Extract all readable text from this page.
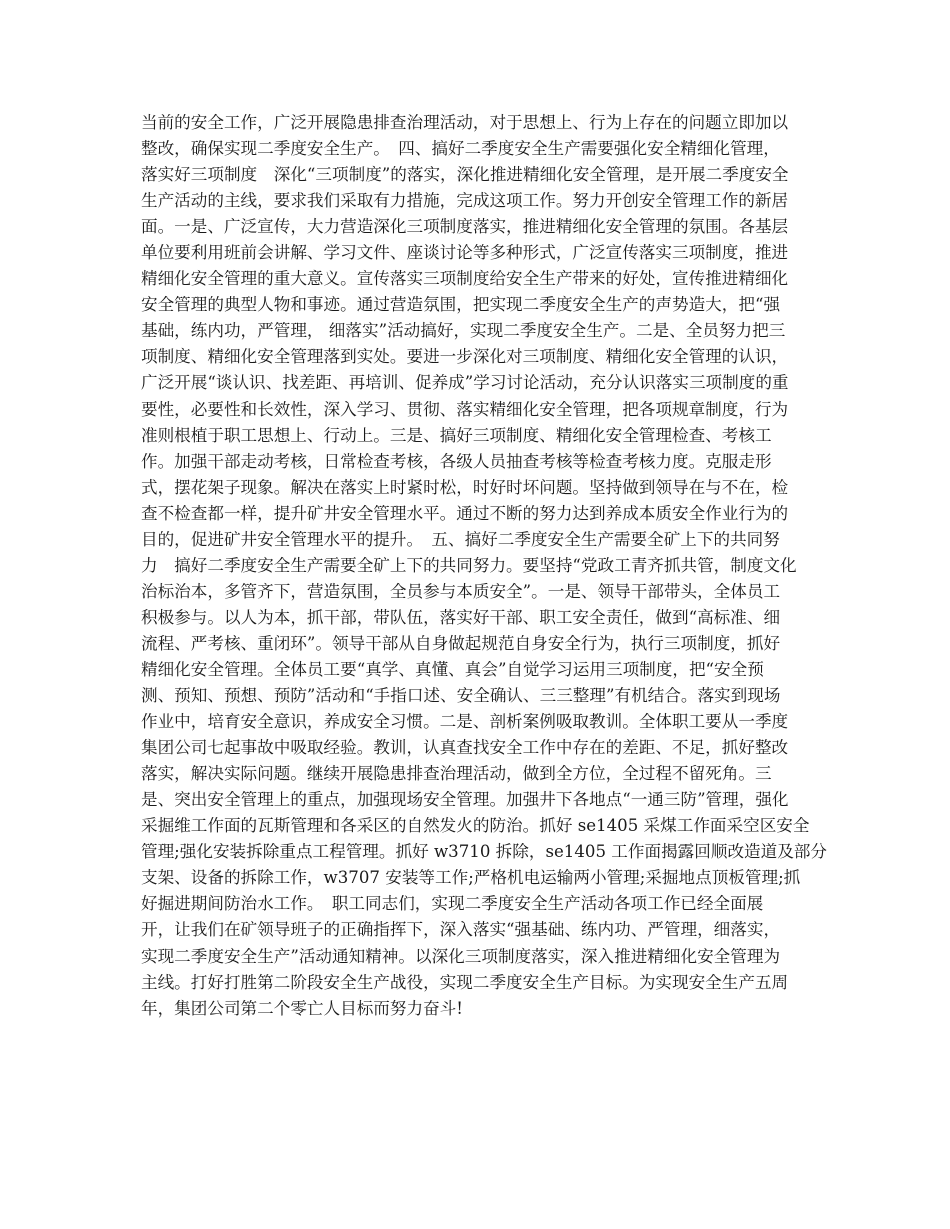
当前的安全工作，广泛开展隐患排查治理活动，对于思想上、行为上存在的问题立即加以
整改，确保实现二季度安全生产。　四、搞好二季度安全生产需要强化安全精细化管理，
落实好三项制度　深化“三项制度”的落实，深化推进精细化安全管理，是开展二季度安全
生产活动的主线，要求我们采取有力措施，完成这项工作。努力开创安全管理工作的新居
面。一是、广泛宣传，大力营造深化三项制度落实，推进精细化安全管理的氛围。各基层
单位要利用班前会讲解、学习文件、座谈讨论等多种形式，广泛宣传落实三项制度，推进
精细化安全管理的重大意义。宣传落实三项制度给安全生产带来的好处，宣传推进精细化
安全管理的典型人物和事迹。通过营造氛围，把实现二季度安全生产的声势造大，把“强
基础，练内功，严管理， 细落实”活动搞好，实现二季度安全生产。二是、全员努力把三
项制度、精细化安全管理落到实处。要进一步深化对三项制度、精细化安全管理的认识，
广泛开展“谈认识、找差距、再培训、促养成”学习讨论活动，充分认识落实三项制度的重
要性，必要性和长效性，深入学习、贯彻、落实精细化安全管理，把各项规章制度，行为
准则根植于职工思想上、行动上。三是、搞好三项制度、精细化安全管理检查、考核工
作。加强干部走动考核，日常检查考核，各级人员抽查考核等检查考核力度。克服走形
式，摆花架子现象。解决在落实上时紧时松，时好时坏问题。坚持做到领导在与不在，检
查不检查都一样，提升矿井安全管理水平。通过不断的努力达到养成本质安全作业行为的
目的，促进矿井安全管理水平的提升。　五、搞好二季度安全生产需要全矿上下的共同努
力　搞好二季度安全生产需要全矿上下的共同努力。要坚持“党政工青齐抓共管，制度文化
治标治本，多管齐下，营造氛围，全员参与本质安全”。一是、领导干部带头，全体员工
积极参与。以人为本，抓干部，带队伍，落实好干部、职工安全责任，做到“高标准、细
流程、严考核、重闭环”。领导干部从自身做起规范自身安全行为，执行三项制度，抓好
精细化安全管理。全体员工要“真学、真懂、真会”自觉学习运用三项制度，把“安全预
测、预知、预想、预防”活动和“手指口述、安全确认、三三整理”有机结合。落实到现场
作业中，培育安全意识，养成安全习惯。二是、剖析案例吸取教训。全体职工要从一季度
集团公司七起事故中吸取经验。教训，认真查找安全工作中存在的差距、不足，抓好整改
落实，解决实际问题。继续开展隐患排查治理活动，做到全方位，全过程不留死角。三
是、突出安全管理上的重点，加强现场安全管理。加强井下各地点“一通三防”管理，强化
采掘维工作面的瓦斯管理和各采区的自然发火的防治。抓好 se1405 采煤工作面采空区安全
管理;强化安装拆除重点工程管理。抓好 w3710 拆除，se1405 工作面揭露回顺改造道及部分
支架、设备的拆除工作，w3707 安装等工作;严格机电运输两小管理;采掘地点顶板管理;抓
好掘进期间防治水工作。　职工同志们，实现二季度安全生产活动各项工作已经全面展
开，让我们在矿领导班子的正确指挥下，深入落实“强基础、练内功、严管理，细落实，
实现二季度安全生产”活动通知精神。以深化三项制度落实，深入推进精细化安全管理为
主线。打好打胜第二阶段安全生产战役，实现二季度安全生产目标。为实现安全生产五周
年，集团公司第二个零亡人目标而努力奋斗!
